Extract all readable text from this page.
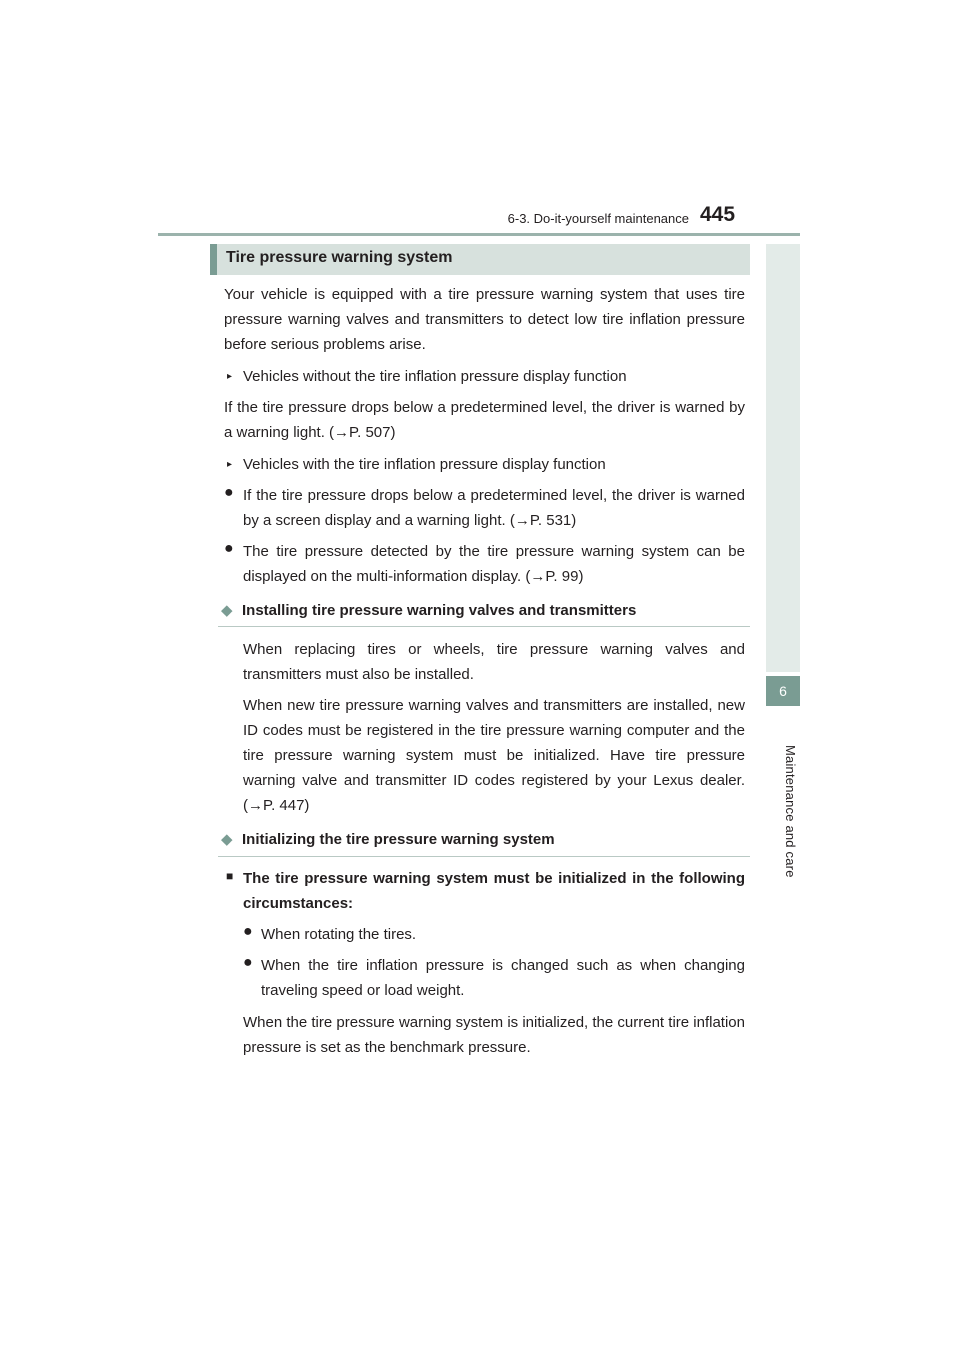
6-3. Do-it-yourself maintenance 445
6
Maintenance and care
Tire pressure warning system
Your vehicle is equipped with a tire pressure warning system that uses tire pressure warning valves and transmitters to detect low tire inflation pressure before serious problems arise.
▸ Vehicles without the tire inflation pressure display function
If the tire pressure drops below a predetermined level, the driver is warned by a warning light. (→P. 507)
▸ Vehicles with the tire inflation pressure display function
● If the tire pressure drops below a predetermined level, the driver is warned by a screen display and a warning light. (→P. 531)
● The tire pressure detected by the tire pressure warning system can be displayed on the multi-information display. (→P. 99)
◆ Installing tire pressure warning valves and transmitters
When replacing tires or wheels, tire pressure warning valves and transmitters must also be installed.
When new tire pressure warning valves and transmitters are installed, new ID codes must be registered in the tire pressure warning computer and the tire pressure warning system must be initialized. Have tire pressure warning valve and transmitter ID codes registered by your Lexus dealer. (→P. 447)
◆ Initializing the tire pressure warning system
■ The tire pressure warning system must be initialized in the following circumstances:
● When rotating the tires.
● When the tire inflation pressure is changed such as when changing traveling speed or load weight.
When the tire pressure warning system is initialized, the current tire inflation pressure is set as the benchmark pressure.
